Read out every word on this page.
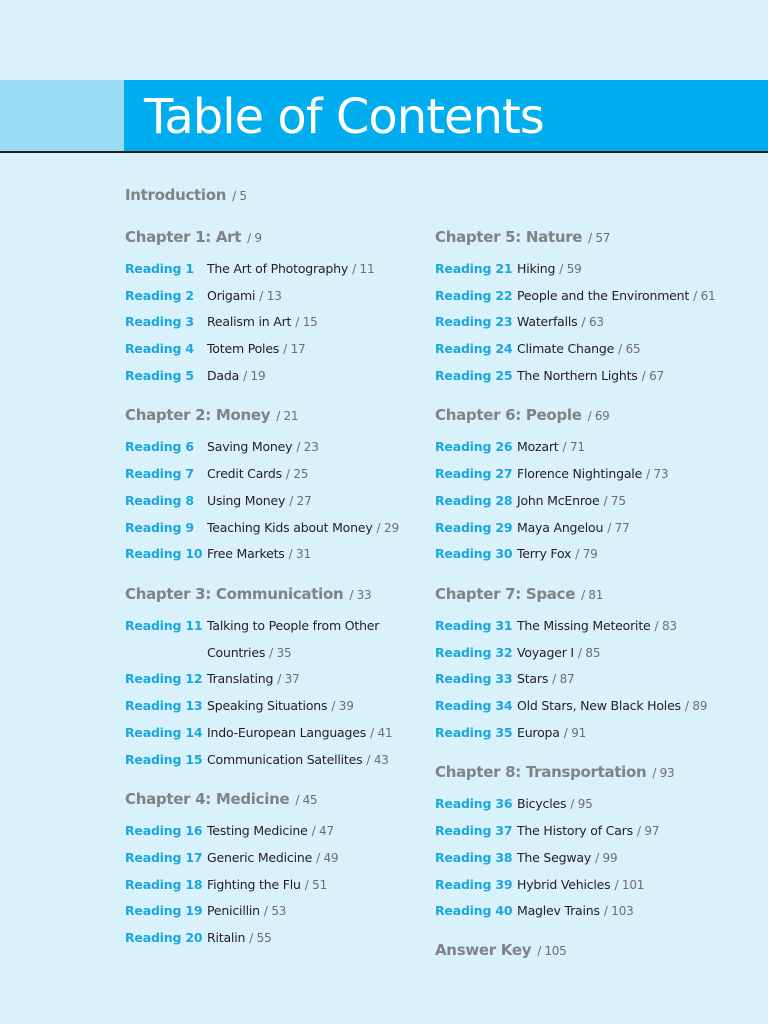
Table of Contents
Introduction / 5
Chapter 1: Art / 9
Reading 1 The Art of Photography / 11
Reading 2 Origami / 13
Reading 3 Realism in Art / 15
Reading 4 Totem Poles / 17
Reading 5 Dada / 19
Chapter 2: Money / 21
Reading 6 Saving Money / 23
Reading 7 Credit Cards / 25
Reading 8 Using Money / 27
Reading 9 Teaching Kids about Money / 29
Reading 10 Free Markets / 31
Chapter 3: Communication / 33
Reading 11 Talking to People from Other
Countries / 35
Reading 12 Translating / 37
Reading 13 Speaking Situations / 39
Reading 14 Indo-European Languages / 41
Reading 15 Communication Satellites / 43
Chapter 4: Medicine / 45
Reading 16 Testing Medicine / 47
Reading 17 Generic Medicine / 49
Reading 18 Fighting the Flu / 51
Reading 19 Penicillin / 53
Reading 20 Ritalin / 55
Chapter 5: Nature / 57
Reading 21 Hiking / 59
Reading 22 People and the Environment / 61
Reading 23 Waterfalls / 63
Reading 24 Climate Change / 65
Reading 25 The Northern Lights / 67
Chapter 6: People / 69
Reading 26 Mozart / 71
Reading 27 Florence Nightingale / 73
Reading 28 John McEnroe / 75
Reading 29 Maya Angelou / 77
Reading 30 Terry Fox / 79
Chapter 7: Space / 81
Reading 31 The Missing Meteorite / 83
Reading 32 Voyager I / 85
Reading 33 Stars / 87
Reading 34 Old Stars, New Black Holes / 89
Reading 35 Europa / 91
Chapter 8: Transportation / 93
Reading 36 Bicycles / 95
Reading 37 The History of Cars / 97
Reading 38 The Segway / 99
Reading 39 Hybrid Vehicles / 101
Reading 40 Maglev Trains / 103
Answer Key / 105
